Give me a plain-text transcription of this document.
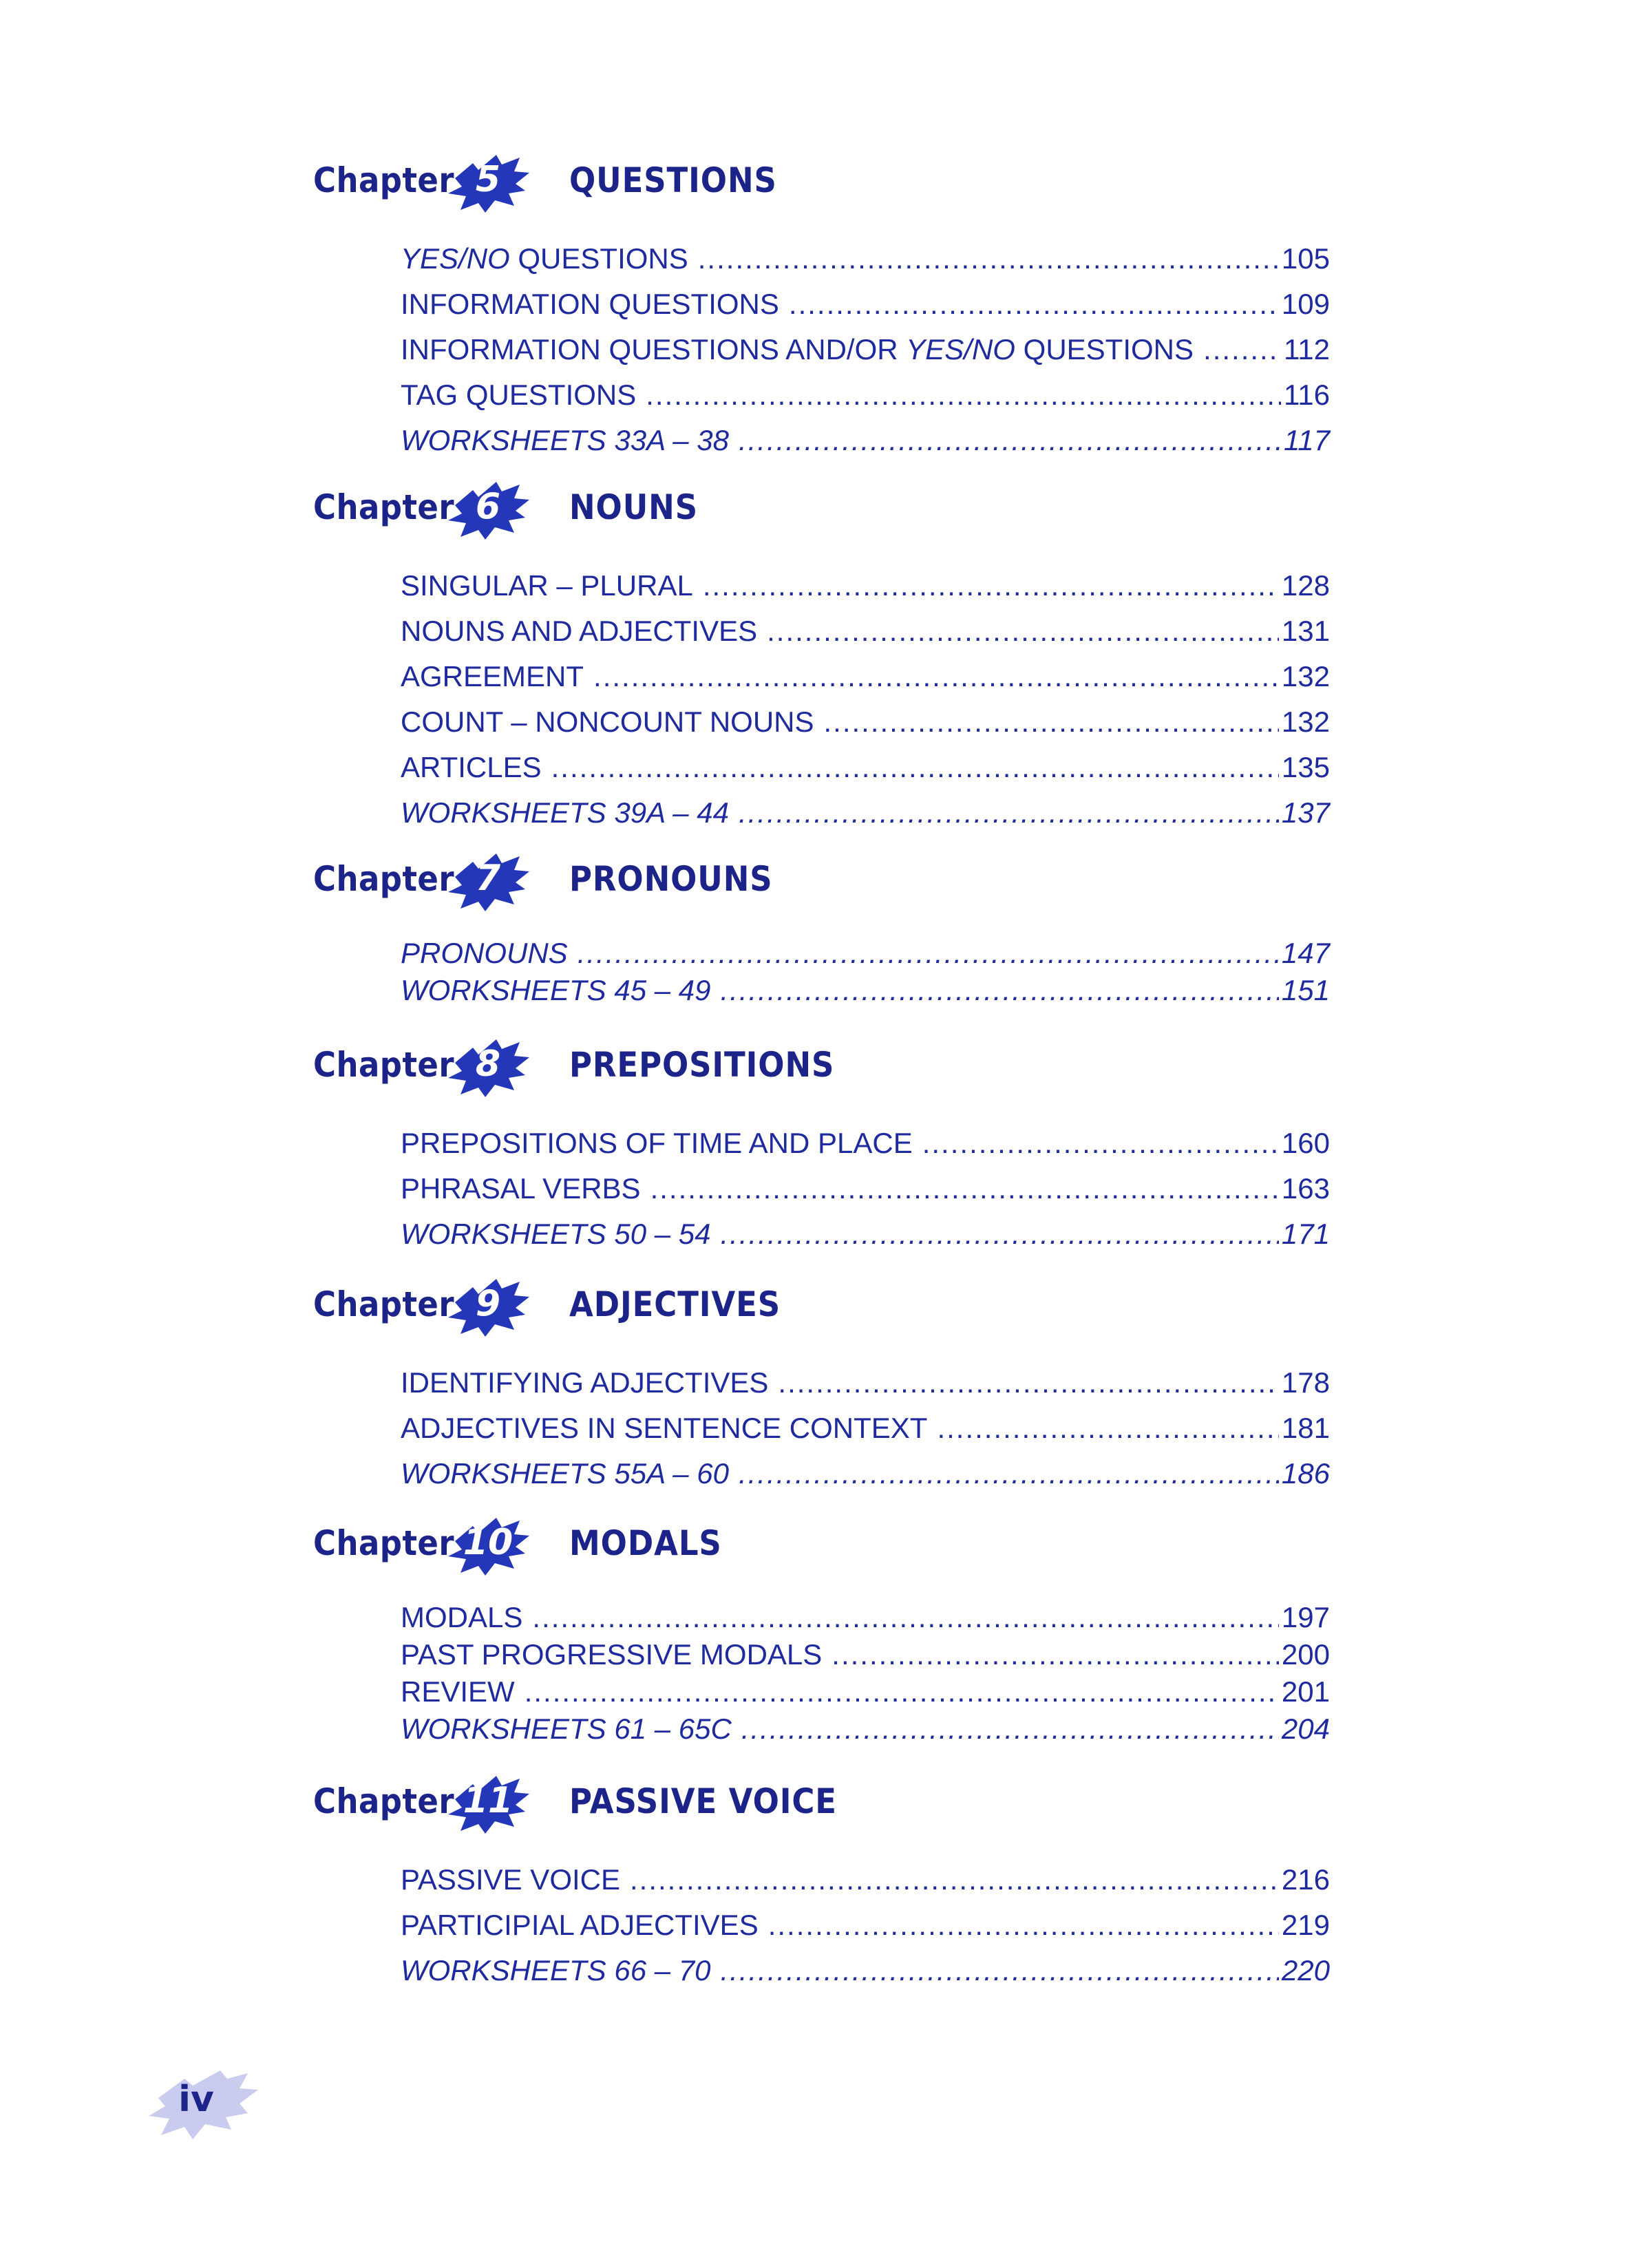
Chapter 5	QUESTIONS
YES/NO QUESTIONS .....	105
INFORMATION QUESTIONS .....	109
INFORMATION QUESTIONS AND/OR YES/NO QUESTIONS .....	112
TAG QUESTIONS .....	116
WORKSHEETS 33A – 38 .....	117
Chapter 6	NOUNS
SINGULAR – PLURAL .....	128
NOUNS AND ADJECTIVES .....	131
AGREEMENT .....	132
COUNT – NONCOUNT NOUNS .....	132
ARTICLES .....	135
WORKSHEETS 39A – 44 .....	137
Chapter 7	PRONOUNS
PRONOUNS .....	147
WORKSHEETS 45 – 49 .....	151
Chapter 8	PREPOSITIONS
PREPOSITIONS OF TIME AND PLACE .....	160
PHRASAL VERBS .....	163
WORKSHEETS 50 – 54 .....	171
Chapter 9	ADJECTIVES
IDENTIFYING ADJECTIVES .....	178
ADJECTIVES IN SENTENCE CONTEXT .....	181
WORKSHEETS 55A – 60 .....	186
Chapter 10	MODALS
MODALS .....	197
PAST PROGRESSIVE MODALS .....	200
REVIEW .....	201
WORKSHEETS 61 – 65C .....	204
Chapter 11	PASSIVE VOICE
PASSIVE VOICE .....	216
PARTICIPIAL ADJECTIVES .....	219
WORKSHEETS 66 – 70 .....	220
iv
